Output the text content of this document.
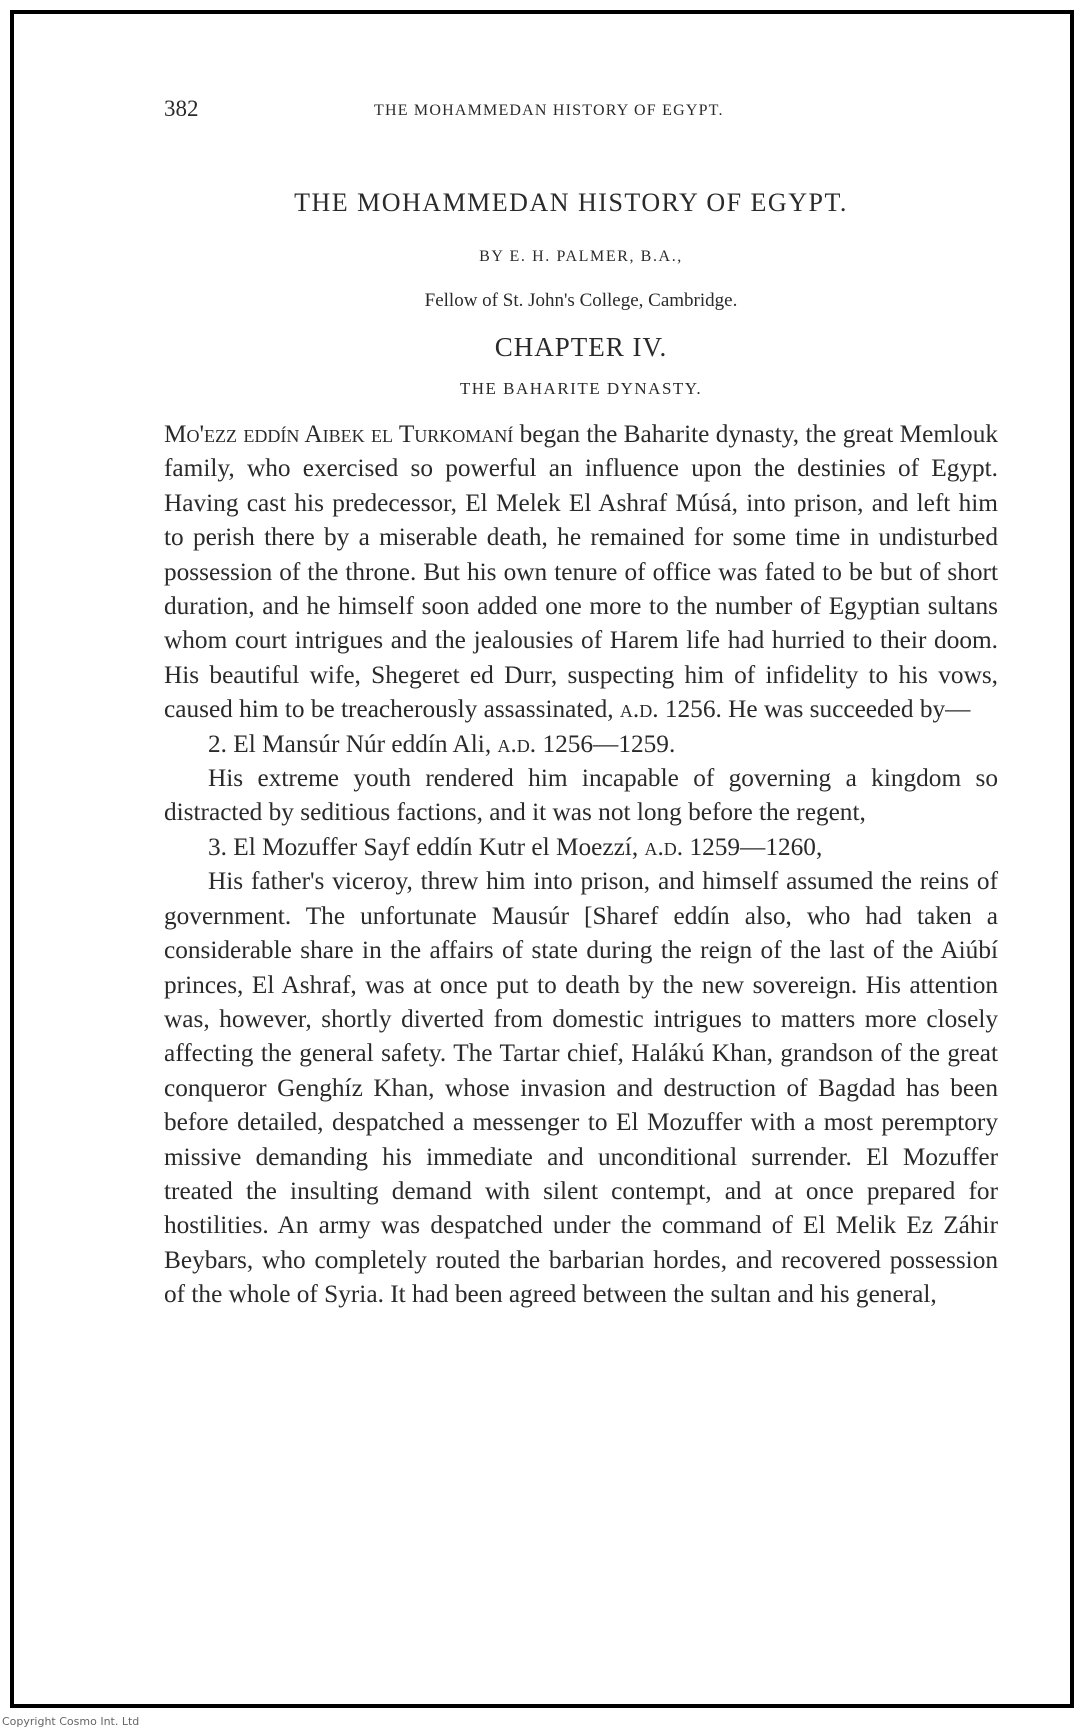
382	THE MOHAMMEDAN HISTORY OF EGYPT.
THE MOHAMMEDAN HISTORY OF EGYPT.
BY E. H. PALMER, B.A.,
Fellow of St. John's College, Cambridge.
CHAPTER IV.
THE BAHARITE DYNASTY.

Mo'ezz eddín Aibek el Turkomaní began the Baharite dynasty, the great Memlouk family, who exercised so powerful an influence upon the destinies of Egypt. Having cast his predecessor, El Melek El Ashraf Músá, into prison, and left him to perish there by a miserable death, he remained for some time in undisturbed possession of the throne. But his own tenure of office was fated to be but of short duration, and he himself soon added one more to the number of Egyptian sultans whom court intrigues and the jealousies of Harem life had hurried to their doom. His beautiful wife, Shegeret ed Durr, suspecting him of infidelity to his vows, caused him to be treacherously assassinated, a.d. 1256. He was succeeded by—

2. El Mansúr Núr eddín Ali, a.d. 1256—1259.

His extreme youth rendered him incapable of governing a kingdom so distracted by seditious factions, and it was not long before the regent,

3. El Mozuffer Sayf eddín Kutr el Moezzí, a.d. 1259—1260,

His father's viceroy, threw him into prison, and himself assumed the reins of government. The unfortunate Mausúr [Sharef eddín also, who had taken a considerable share in the affairs of state during the reign of the last of the Aiúbí princes, El Ashraf, was at once put to death by the new sovereign. His attention was, however, shortly diverted from domestic intrigues to matters more closely affecting the general safety. The Tartar chief, Halákú Khan, grandson of the great conqueror Genghíz Khan, whose invasion and destruction of Bagdad has been before detailed, despatched a messenger to El Mozuffer with a most peremptory missive demanding his immediate and unconditional surrender. El Mozuffer treated the insulting demand with silent contempt, and at once prepared for hostilities. An army was despatched under the command of El Melik Ez Záhir Beybars, who completely routed the barbarian hordes, and recovered possession of the whole of Syria. It had been agreed between the sultan and his general,

Copyright Cosmo Int. Ltd
